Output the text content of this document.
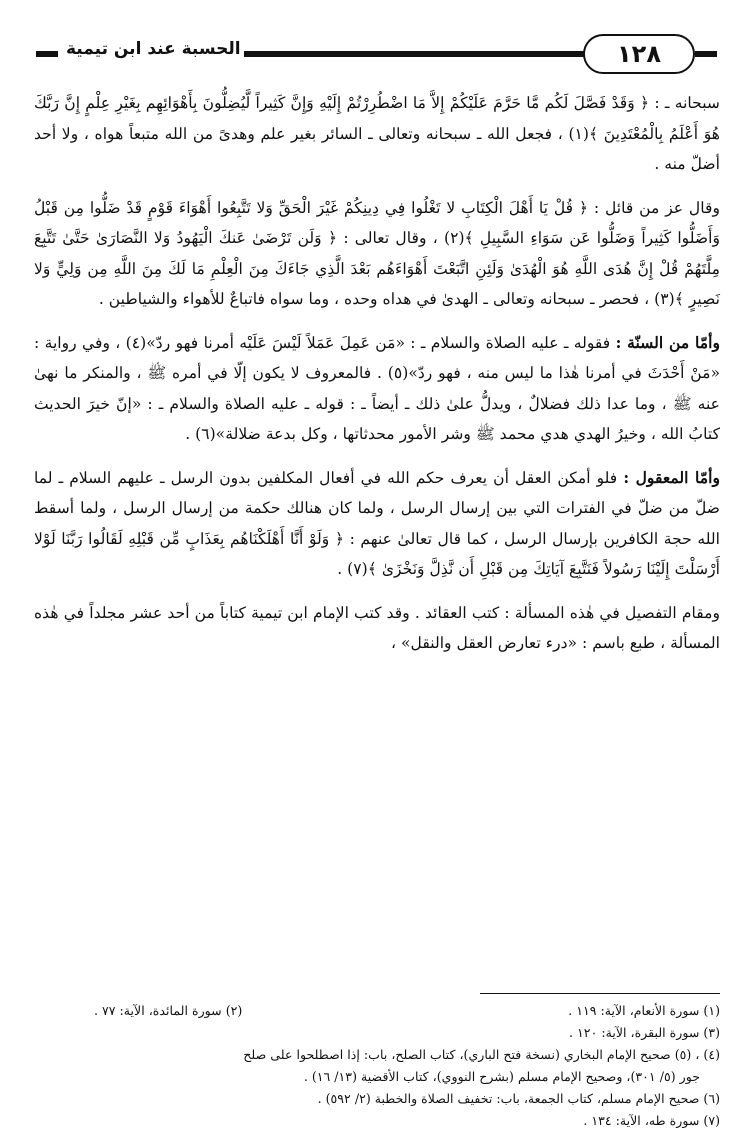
الحسبة عند ابن تيمية	١٢٨

سبحانه ـ : ﴿ وَقَدْ فَصَّلَ لَكُم مَّا حَرَّمَ عَلَيْكُمْ إِلاَّ مَا اضْطُرِرْتُمْ إِلَيْهِ وَإِنَّ كَثِيراً لَّيُضِلُّونَ بِأَهْوَائِهِم بِغَيْرِ عِلْمٍ إِنَّ رَبَّكَ هُوَ أَعْلَمُ بِالْمُعْتَدِينَ ﴾(١) ، فجعل الله ـ سبحانه وتعالى ـ السائر بغير علم وهدىً من الله متبعاً هواه ، ولا أحد أضلّ منه .

وقال عز من قائل : ﴿ قُلْ يَا أَهْلَ الْكِتَابِ لا تَغْلُوا فِي دِينِكُمْ غَيْرَ الْحَقِّ وَلا تَتَّبِعُوا أَهْوَاءَ قَوْمٍ قَدْ ضَلُّوا مِن قَبْلُ وَأَضَلُّوا كَثِيراً وَضَلُّوا عَن سَوَاءِ السَّبِيلِ ﴾(٢) ، وقال تعالى : ﴿ وَلَن تَرْضَىٰ عَنكَ الْيَهُودُ وَلا النَّصَارَىٰ حَتَّىٰ تَتَّبِعَ مِلَّتَهُمْ قُلْ إِنَّ هُدَى اللَّهِ هُوَ الْهُدَىٰ وَلَئِنِ اتَّبَعْتَ أَهْوَاءَهُم بَعْدَ الَّذِي جَاءَكَ مِنَ الْعِلْمِ مَا لَكَ مِنَ اللَّهِ مِن وَلِيٍّ وَلا نَصِيرٍ ﴾(٣) ، فحصر ـ سبحانه وتعالى ـ الهدىٰ في هداه وحده ، وما سواه فاتباعٌ للأهواء والشياطين .

وأمّا من السنّة : فقوله ـ عليه الصلاة والسلام ـ : «مَن عَمِلَ عَمَلاً لَيْسَ عَلَيْه أمرنا فهو ردّ»(٤) ، وفي رواية : «مَنْ أَحْدَثَ في أمرنا هٰذا ما ليس منه ، فهو ردّ»(٥) . فالمعروف لا يكون إلّا في أمره ﷺ ، والمنكر ما نهىٰ عنه ﷺ ، وما عدا ذلك فضلالٌ ، ويدلُّ علىٰ ذلك ـ أيضاً ـ : قوله ـ عليه الصلاة والسلام ـ : «إنّ خيرَ الحديث كتابُ الله ، وخيرُ الهدي هدي محمد ﷺ وشر الأمور محدثاتها ، وكل بدعة ضلالة»(٦) .

وأمّا المعقول : فلو أمكن العقل أن يعرف حكم الله في أفعال المكلفين بدون الرسل ـ عليهم السلام ـ لما ضلّ من ضلّ في الفترات التي بين إرسال الرسل ، ولما كان هنالك حكمة من إرسال الرسل ، ولما أسقط الله حجة الكافرين بإرسال الرسل ، كما قال تعالىٰ عنهم : ﴿ وَلَوْ أَنَّا أَهْلَكْنَاهُم بِعَذَابٍ مِّن قَبْلِهِ لَقَالُوا رَبَّنَا لَوْلا أَرْسَلْتَ إِلَيْنَا رَسُولاً فَنَتَّبِعَ آيَاتِكَ مِن قَبْلِ أَن نَّذِلَّ وَنَخْزَىٰ ﴾(٧) .

ومقام التفصيل في هٰذه المسألة : كتب العقائد . وقد كتب الإمام ابن تيمية كتاباً من أحد عشر مجلداً في هٰذه المسألة ، طبع باسم : «درء تعارض العقل والنقل» ،

(١) سورة الأنعام، الآية: ١١٩ .
(٢) سورة المائدة، الآية: ٧٧ .
(٣) سورة البقرة، الآية: ١٢٠ .
(٤) ، (٥) صحيح الإمام البخاري (نسخة فتح الباري)، كتاب الصلح، باب: إذا اصطلحوا على صلح
جور (٥/ ٣٠١)، وصحيح الإمام مسلم (بشرح النووي)، كتاب الأقضية (١٣/ ١٦) .
(٦) صحيح الإمام مسلم، كتاب الجمعة، باب: تخفيف الصلاة والخطبة (٢/ ٥٩٢) .
(٧) سورة طه، الآية: ١٣٤ .
